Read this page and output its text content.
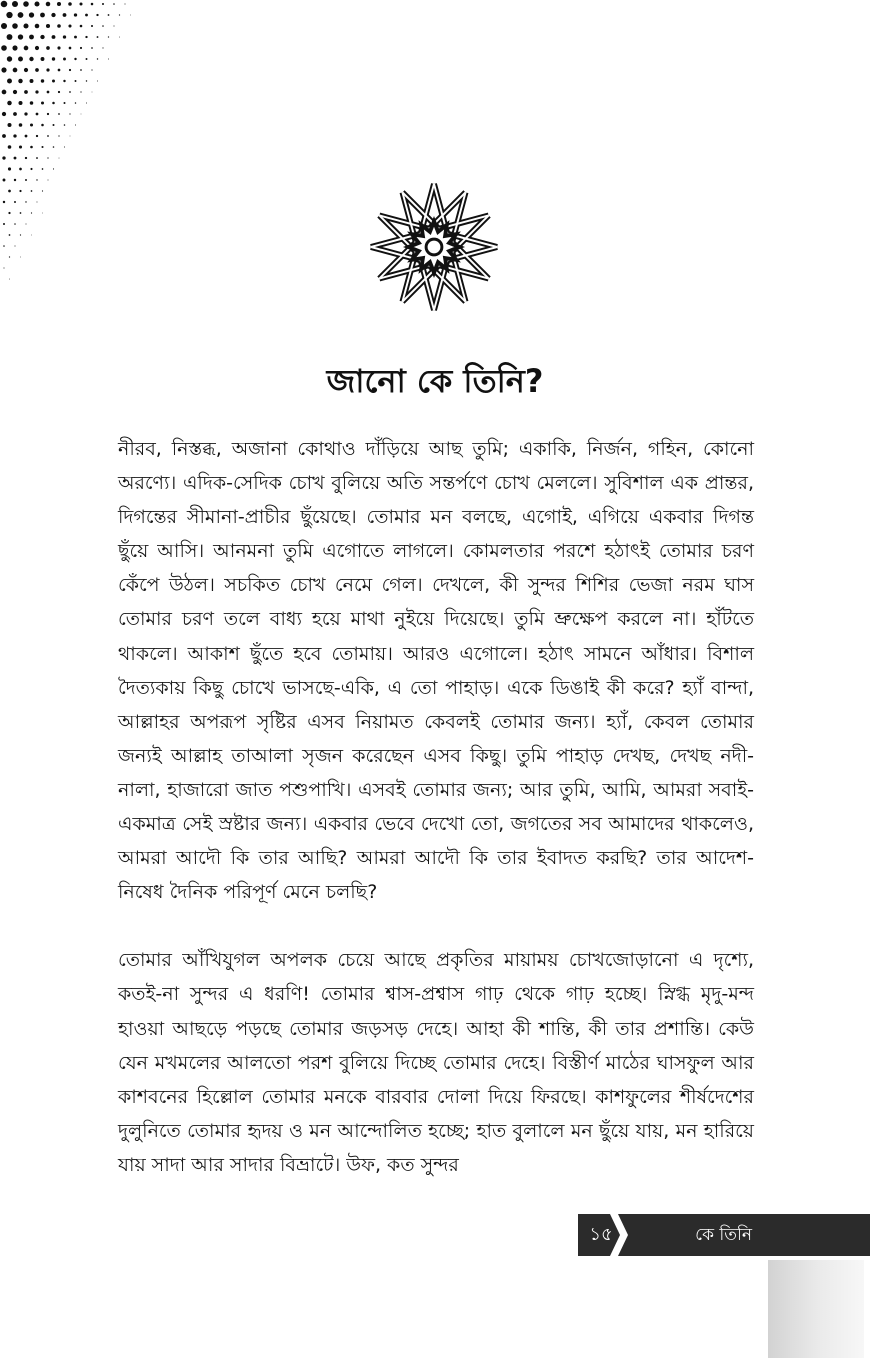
জানো কে তিনি?

নীরব, নিস্তব্ধ, অজানা কোথাও দাঁড়িয়ে আছ তুমি; একাকি, নির্জন, গহিন, কোনো অরণ্যে। এদিক-সেদিক চোখ বুলিয়ে অতি সন্তর্পণে চোখ মেললে। সুবিশাল এক প্রান্তর, দিগন্তের সীমানা-প্রাচীর ছুঁয়েছে। তোমার মন বলছে, এগোই, এগিয়ে একবার দিগন্ত ছুঁয়ে আসি। আনমনা তুমি এগোতে লাগলে। কোমলতার পরশে হঠাৎই তোমার চরণ কেঁপে উঠল। সচকিত চোখ নেমে গেল। দেখলে, কী সুন্দর শিশির ভেজা নরম ঘাস তোমার চরণ তলে বাধ্য হয়ে মাথা নুইয়ে দিয়েছে। তুমি ভ্রুক্ষেপ করলে না। হাঁটতে থাকলে। আকাশ ছুঁতে হবে তোমায়। আরও এগোলে। হঠাৎ সামনে আঁধার। বিশাল দৈত্যকায় কিছু চোখে ভাসছে-একি, এ তো পাহাড়। একে ডিঙাই কী করে? হ্যাঁ বান্দা, আল্লাহর অপরূপ সৃষ্টির এসব নিয়ামত কেবলই তোমার জন্য। হ্যাঁ, কেবল তোমার জন্যই আল্লাহ তাআলা সৃজন করেছেন এসব কিছু। তুমি পাহাড় দেখছ, দেখছ নদী-নালা, হাজারো জাত পশুপাখি। এসবই তোমার জন্য; আর তুমি, আমি, আমরা সবাই-একমাত্র সেই স্রষ্টার জন্য। একবার ভেবে দেখো তো, জগতের সব আমাদের থাকলেও, আমরা আদৌ কি তার আছি? আমরা আদৌ কি তার ইবাদত করছি? তার আদেশ-নিষেধ দৈনিক পরিপূর্ণ মেনে চলছি?

তোমার আঁখিযুগল অপলক চেয়ে আছে প্রকৃতির মায়াময় চোখজোড়ানো এ দৃশ্যে, কতই-না সুন্দর এ ধরণি! তোমার শ্বাস-প্রশ্বাস গাঢ় থেকে গাঢ় হচ্ছে। স্নিগ্ধ মৃদু-মন্দ হাওয়া আছড়ে পড়ছে তোমার জড়সড় দেহে। আহা কী শান্তি, কী তার প্রশান্তি। কেউ যেন মখমলের আলতো পরশ বুলিয়ে দিচ্ছে তোমার দেহে। বিস্তীর্ণ মাঠের ঘাসফুল আর কাশবনের হিল্লোল তোমার মনকে বারবার দোলা দিয়ে ফিরছে। কাশফুলের শীর্ষদেশের দুলুনিতে তোমার হৃদয় ও মন আন্দোলিত হচ্ছে; হাত বুলালে মন ছুঁয়ে যায়, মন হারিয়ে যায় সাদা আর সাদার বিভ্রাটে। উফ, কত সুন্দর

১৫	কে তিনি
